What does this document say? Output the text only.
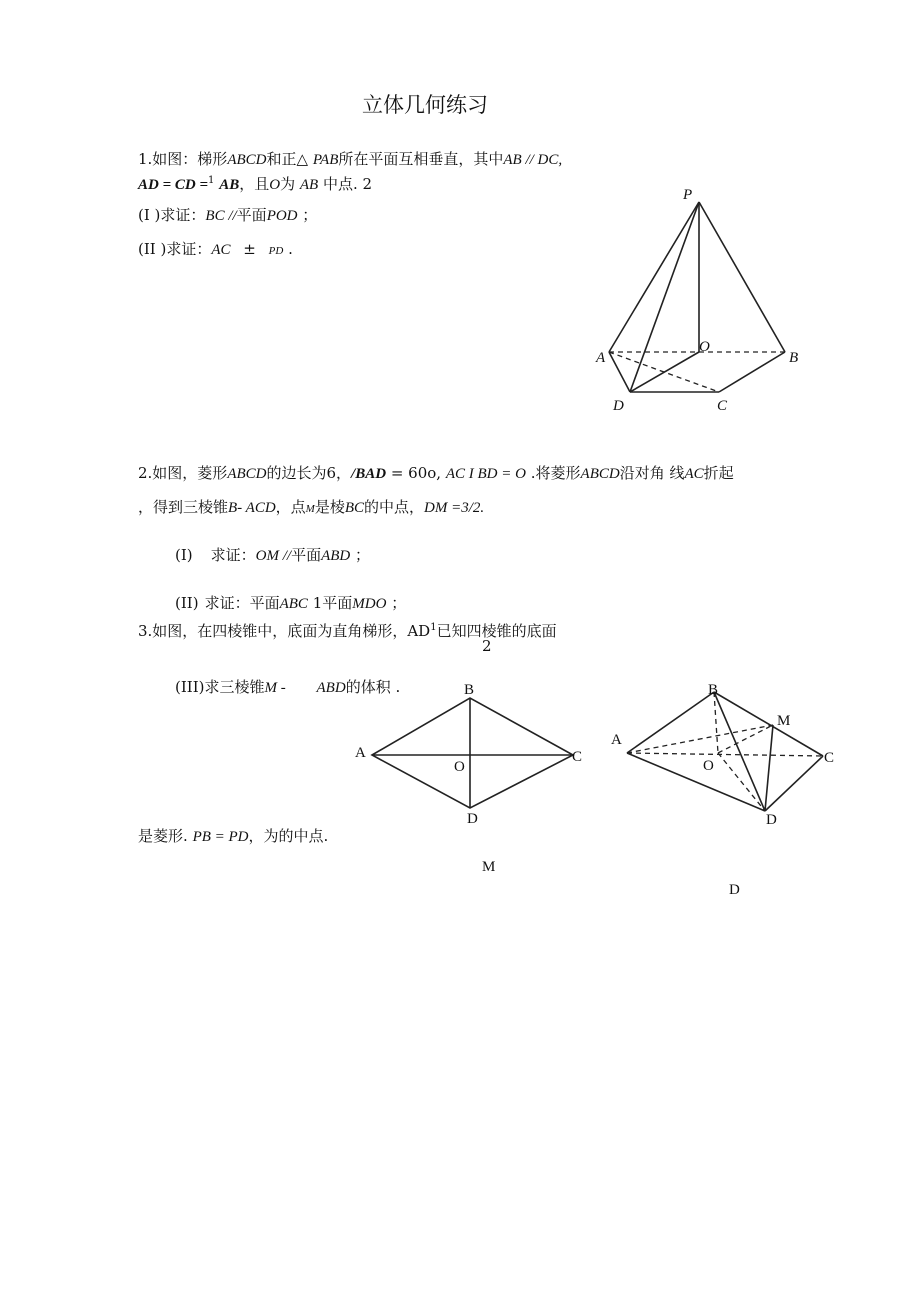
立体几何练习
1.如图：梯形ABCD和正△ PAB所在平面互相垂直，其中AB // DC,
AD = CD =$^1$ AB，且O为 AB 中点. 2
(I )求证：BC //平面POD ；
(II )求证：AC ± PD .
P
O
A	B
D	C
2.如图，菱形ABCD的边长为6，/BAD = 60o, AC I BD = O .将菱形ABCD沿对角 线AC折起
，得到三棱锥B- ACD，点M是棱BC的中点，DM =3/2.
(I) 求证：OM //平面ABD ；
(II) 求证：平面ABC 1平面MDO ；
3.如图，在四棱锥中，底面为直角梯形，$AD^1$已知四棱锥的底面
2
(III)求三棱锥M - ABD的体积 .	B
A	C
O
D
B
A
M
C
O
D
是菱形. PB = PD，为的中点.
M
D
